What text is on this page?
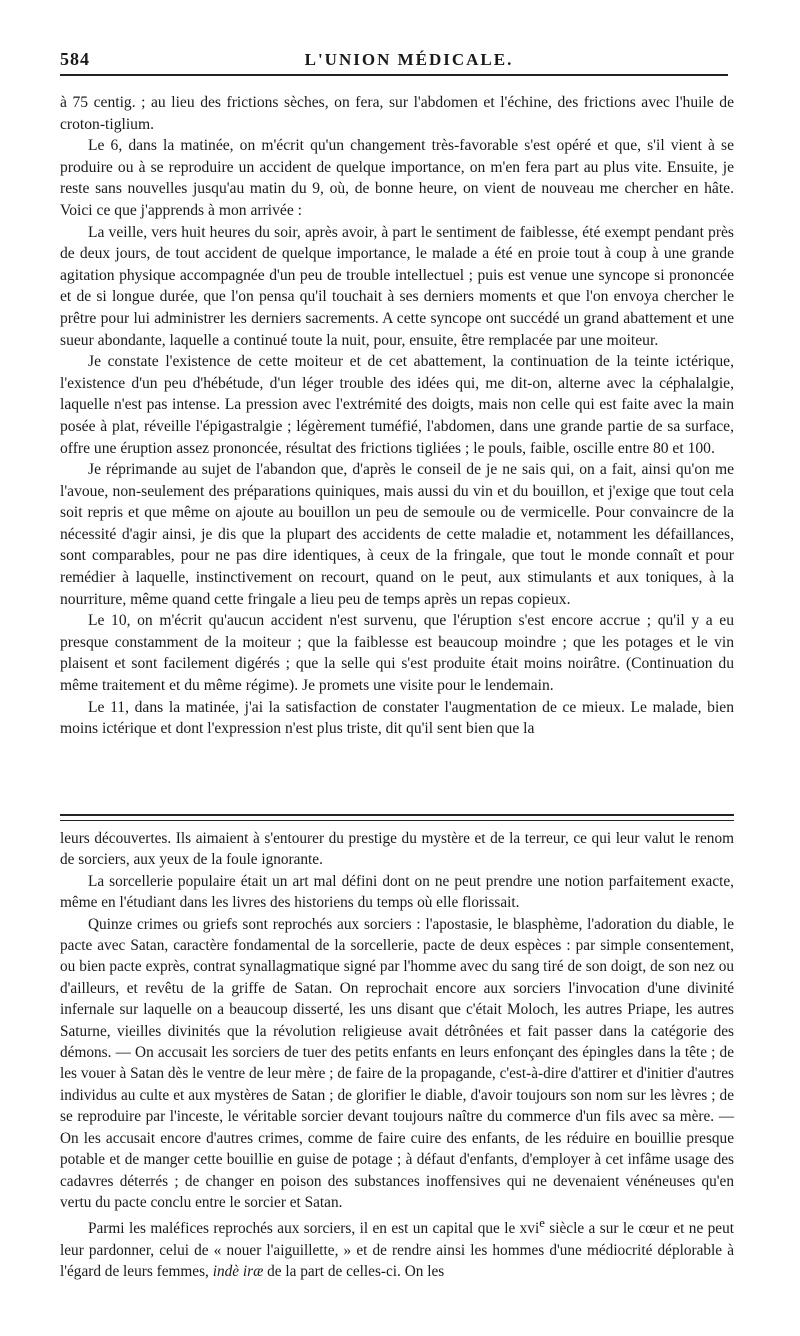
584	L'UNION MÉDICALE.

à 75 centig. ; au lieu des frictions sèches, on fera, sur l'abdomen et l'échine, des frictions avec l'huile de croton-tiglium.

Le 6, dans la matinée, on m'écrit qu'un changement très-favorable s'est opéré et que, s'il vient à se produire ou à se reproduire un accident de quelque importance, on m'en fera part au plus vite. Ensuite, je reste sans nouvelles jusqu'au matin du 9, où, de bonne heure, on vient de nouveau me chercher en hâte. Voici ce que j'apprends à mon arrivée :

La veille, vers huit heures du soir, après avoir, à part le sentiment de faiblesse, été exempt pendant près de deux jours, de tout accident de quelque importance, le malade a été en proie tout à coup à une grande agitation physique accompagnée d'un peu de trouble intellectuel ; puis est venue une syncope si prononcée et de si longue durée, que l'on pensa qu'il touchait à ses derniers moments et que l'on envoya chercher le prêtre pour lui administrer les derniers sacrements. A cette syncope ont succédé un grand abattement et une sueur abondante, laquelle a continué toute la nuit, pour, ensuite, être remplacée par une moiteur.

Je constate l'existence de cette moiteur et de cet abattement, la continuation de la teinte ictérique, l'existence d'un peu d'hébétude, d'un léger trouble des idées qui, me dit-on, alterne avec la céphalalgie, laquelle n'est pas intense. La pression avec l'extrémité des doigts, mais non celle qui est faite avec la main posée à plat, réveille l'épigastralgie ; légèrement tuméfié, l'abdomen, dans une grande partie de sa surface, offre une éruption assez prononcée, résultat des frictions tigliées ; le pouls, faible, oscille entre 80 et 100.

Je réprimande au sujet de l'abandon que, d'après le conseil de je ne sais qui, on a fait, ainsi qu'on me l'avoue, non-seulement des préparations quiniques, mais aussi du vin et du bouillon, et j'exige que tout cela soit repris et que même on ajoute au bouillon un peu de semoule ou de vermicelle. Pour convaincre de la nécessité d'agir ainsi, je dis que la plupart des accidents de cette maladie et, notamment les défaillances, sont comparables, pour ne pas dire identiques, à ceux de la fringale, que tout le monde connaît et pour remédier à laquelle, instinctivement on recourt, quand on le peut, aux stimulants et aux toniques, à la nourriture, même quand cette fringale a lieu peu de temps après un repas copieux.

Le 10, on m'écrit qu'aucun accident n'est survenu, que l'éruption s'est encore accrue ; qu'il y a eu presque constamment de la moiteur ; que la faiblesse est beaucoup moindre ; que les potages et le vin plaisent et sont facilement digérés ; que la selle qui s'est produite était moins noirâtre. (Continuation du même traitement et du même régime). Je promets une visite pour le lendemain.

Le 11, dans la matinée, j'ai la satisfaction de constater l'augmentation de ce mieux. Le malade, bien moins ictérique et dont l'expression n'est plus triste, dit qu'il sent bien que la

leurs découvertes. Ils aimaient à s'entourer du prestige du mystère et de la terreur, ce qui leur valut le renom de sorciers, aux yeux de la foule ignorante.

La sorcellerie populaire était un art mal défini dont on ne peut prendre une notion parfaitement exacte, même en l'étudiant dans les livres des historiens du temps où elle florissait.

Quinze crimes ou griefs sont reprochés aux sorciers : l'apostasie, le blasphème, l'adoration du diable, le pacte avec Satan, caractère fondamental de la sorcellerie, pacte de deux espèces : par simple consentement, ou bien pacte exprès, contrat synallagmatique signé par l'homme avec du sang tiré de son doigt, de son nez ou d'ailleurs, et revêtu de la griffe de Satan. On reprochait encore aux sorciers l'invocation d'une divinité infernale sur laquelle on a beaucoup disserté, les uns disant que c'était Moloch, les autres Priape, les autres Saturne, vieilles divinités que la révolution religieuse avait détrônées et fait passer dans la catégorie des démons. — On accusait les sorciers de tuer des petits enfants en leurs enfonçant des épingles dans la tête ; de les vouer à Satan dès le ventre de leur mère ; de faire de la propagande, c'est-à-dire d'attirer et d'initier d'autres individus au culte et aux mystères de Satan ; de glorifier le diable, d'avoir toujours son nom sur les lèvres ; de se reproduire par l'inceste, le véritable sorcier devant toujours naître du commerce d'un fils avec sa mère. — On les accusait encore d'autres crimes, comme de faire cuire des enfants, de les réduire en bouillie presque potable et de manger cette bouillie en guise de potage ; à défaut d'enfants, d'employer à cet infâme usage des cadavres déterrés ; de changer en poison des substances inoffensives qui ne devenaient vénéneuses qu'en vertu du pacte conclu entre le sorcier et Satan.

Parmi les maléfices reprochés aux sorciers, il en est un capital que le xvi$^e$ siècle a sur le cœur et ne peut leur pardonner, celui de « nouer l'aiguillette, » et de rendre ainsi les hommes d'une médiocrité déplorable à l'égard de leurs femmes, indè iræ de la part de celles-ci. On les
